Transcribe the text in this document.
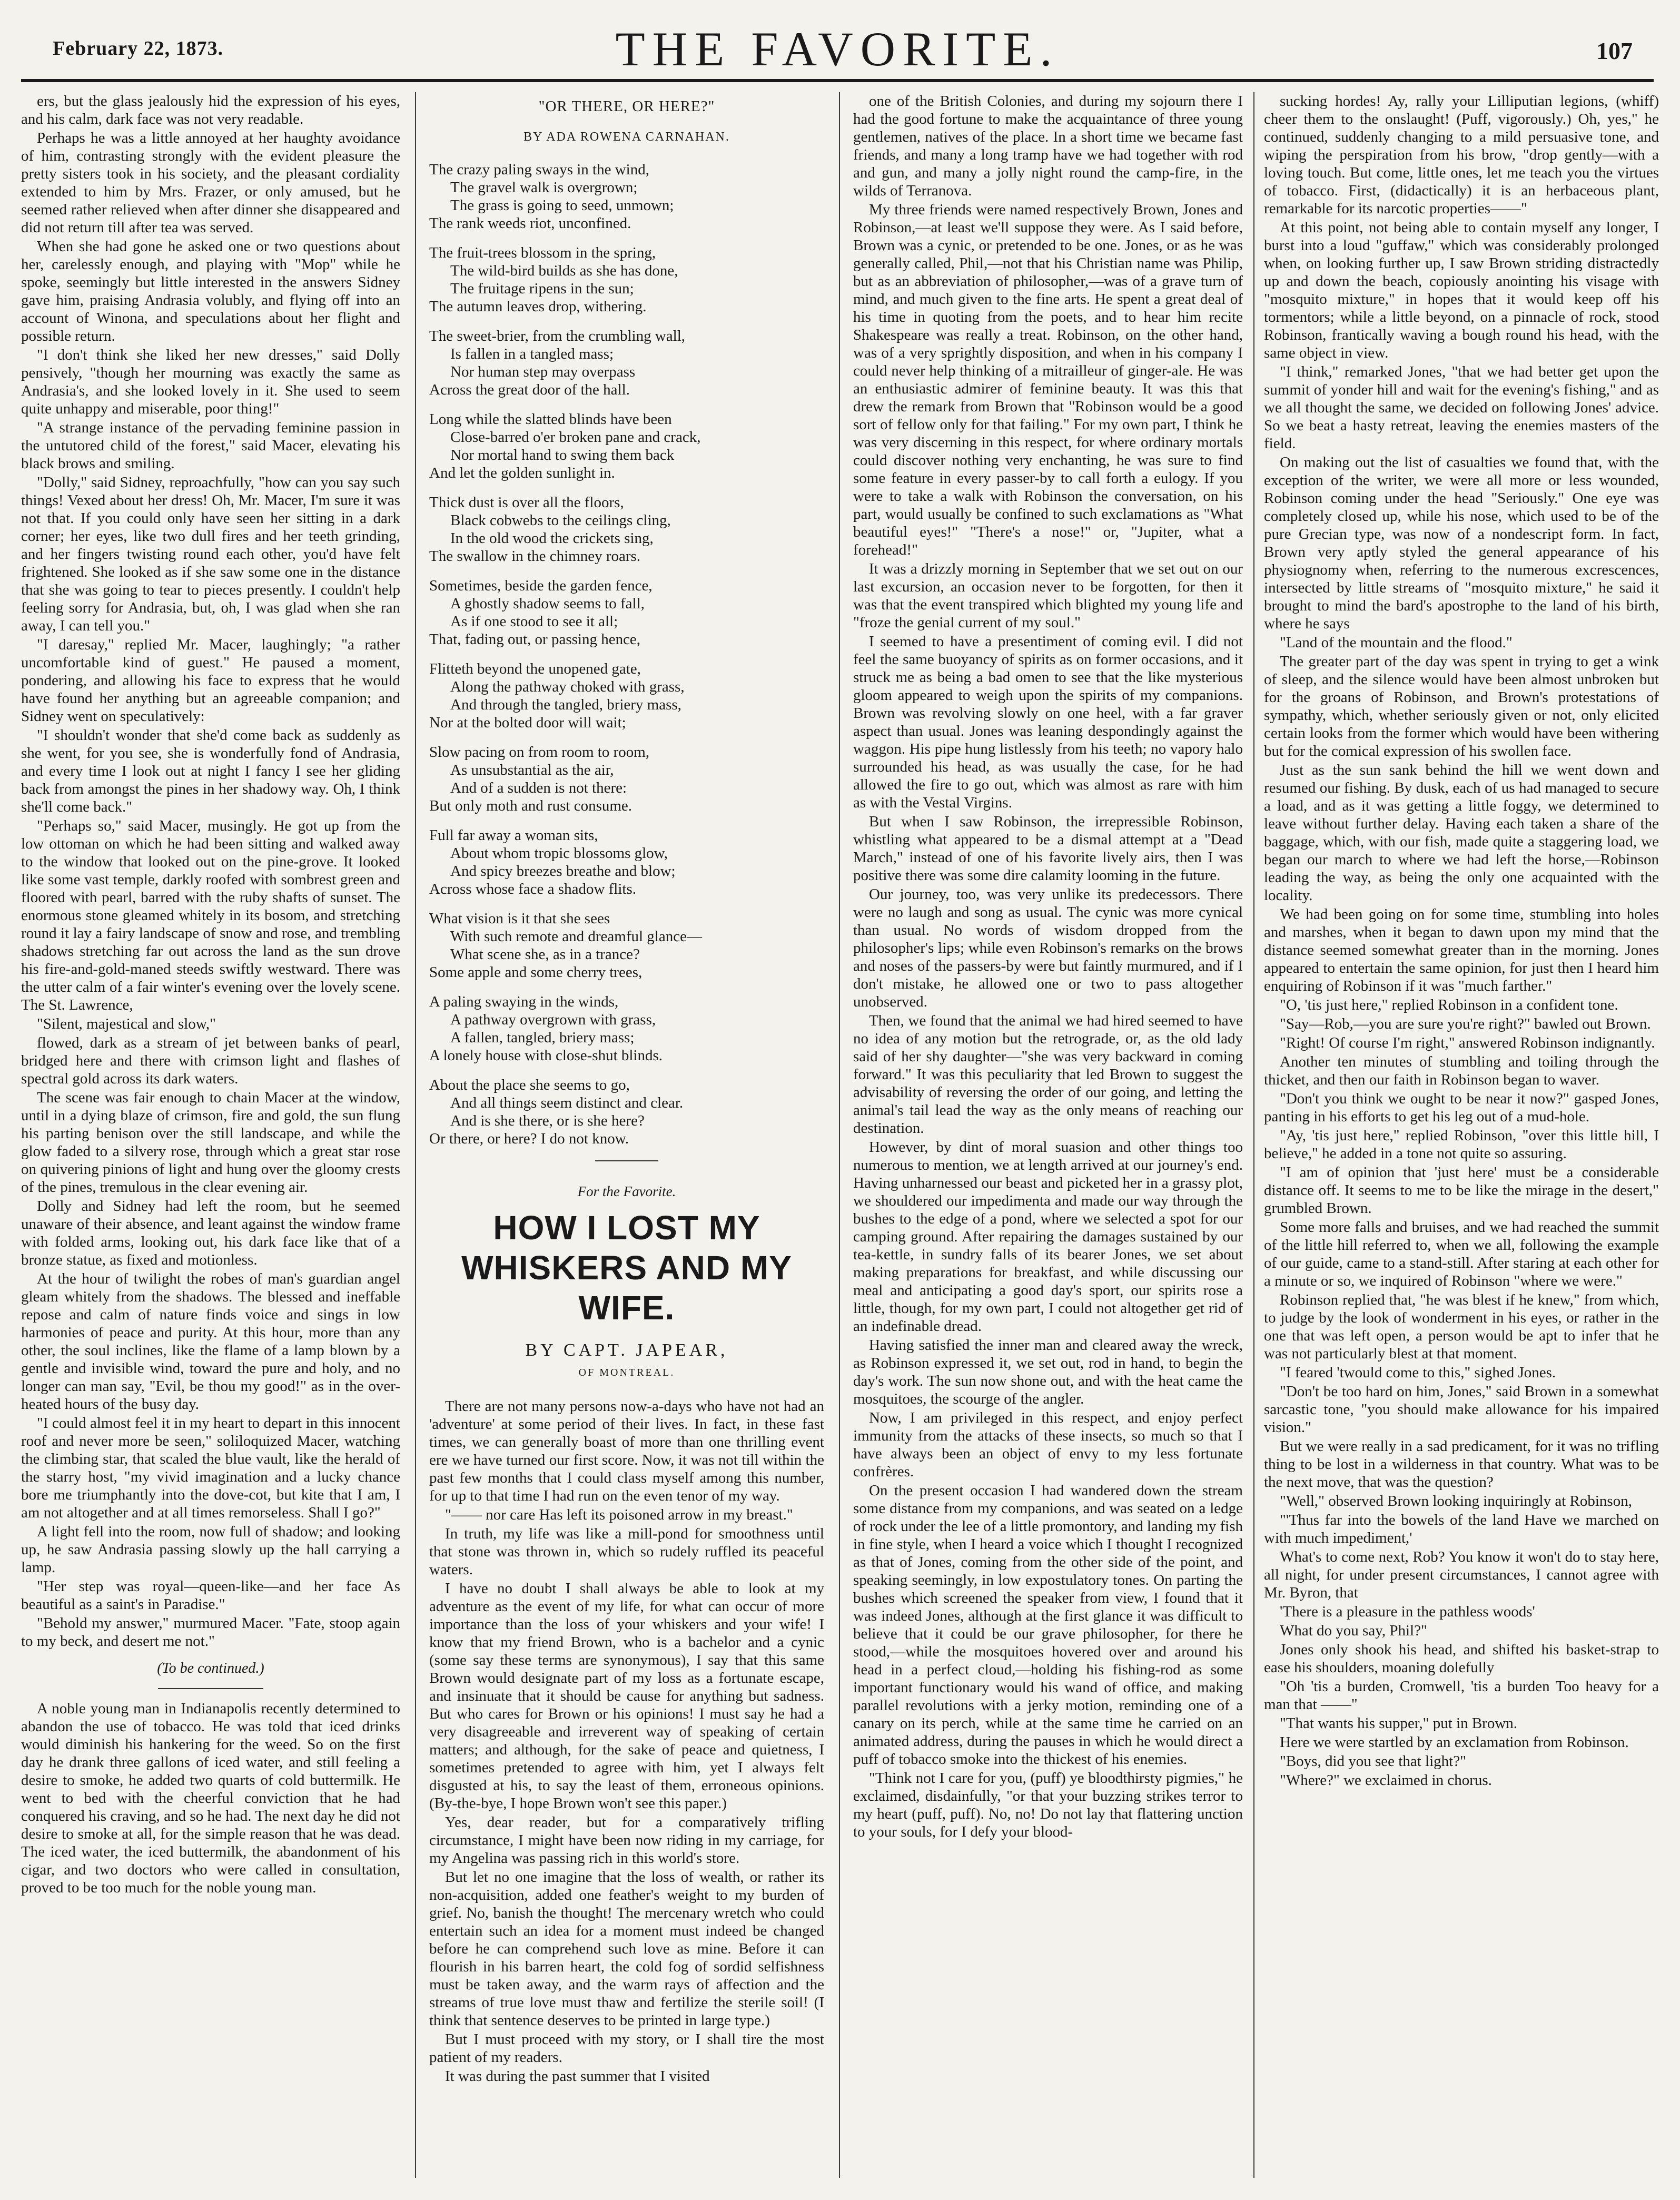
February 22, 1873.	THE FAVORITE.	107

ers, but the glass jealously hid the expression of his eyes, and his calm, dark face was not very readable.

Perhaps he was a little annoyed at her haughty avoidance of him, contrasting strongly with the evident pleasure the pretty sisters took in his society, and the pleasant cordiality extended to him by Mrs. Frazer, or only amused, but he seemed rather relieved when after dinner she disappeared and did not return till after tea was served.

When she had gone he asked one or two questions about her, carelessly enough, and playing with "Mop" while he spoke, seemingly but little interested in the answers Sidney gave him, praising Andrasia volubly, and flying off into an account of Winona, and speculations about her flight and possible return.

"I don't think she liked her new dresses," said Dolly pensively, "though her mourning was exactly the same as Andrasia's, and she looked lovely in it. She used to seem quite unhappy and miserable, poor thing!"

"A strange instance of the pervading feminine passion in the untutored child of the forest," said Macer, elevating his black brows and smiling.

"Dolly," said Sidney, reproachfully, "how can you say such things! Vexed about her dress! Oh, Mr. Macer, I'm sure it was not that. If you could only have seen her sitting in a dark corner; her eyes, like two dull fires and her teeth grinding, and her fingers twisting round each other, you'd have felt frightened. She looked as if she saw some one in the distance that she was going to tear to pieces presently. I couldn't help feeling sorry for Andrasia, but, oh, I was glad when she ran away, I can tell you."

"I daresay," replied Mr. Macer, laughingly; "a rather uncomfortable kind of guest." He paused a moment, pondering, and allowing his face to express that he would have found her anything but an agreeable companion; and Sidney went on speculatively:

"I shouldn't wonder that she'd come back as suddenly as she went, for you see, she is wonderfully fond of Andrasia, and every time I look out at night I fancy I see her gliding back from amongst the pines in her shadowy way. Oh, I think she'll come back."

"Perhaps so," said Macer, musingly. He got up from the low ottoman on which he had been sitting and walked away to the window that looked out on the pine-grove. It looked like some vast temple, darkly roofed with sombrest green and floored with pearl, barred with the ruby shafts of sunset. The enormous stone gleamed whitely in its bosom, and stretching round it lay a fairy landscape of snow and rose, and trembling shadows stretching far out across the land as the sun drove his fire-and-gold-maned steeds swiftly westward. There was the utter calm of a fair winter's evening over the lovely scene. The St. Lawrence,

"Silent, majestical and slow,"

flowed, dark as a stream of jet between banks of pearl, bridged here and there with crimson light and flashes of spectral gold across its dark waters.

The scene was fair enough to chain Macer at the window, until in a dying blaze of crimson, fire and gold, the sun flung his parting benison over the still landscape, and while the glow faded to a silvery rose, through which a great star rose on quivering pinions of light and hung over the gloomy crests of the pines, tremulous in the clear evening air.

Dolly and Sidney had left the room, but he seemed unaware of their absence, and leant against the window frame with folded arms, looking out, his dark face like that of a bronze statue, as fixed and motionless.

At the hour of twilight the robes of man's guardian angel gleam whitely from the shadows. The blessed and ineffable repose and calm of nature finds voice and sings in low harmonies of peace and purity. At this hour, more than any other, the soul inclines, like the flame of a lamp blown by a gentle and invisible wind, toward the pure and holy, and no longer can man say, "Evil, be thou my good!" as in the over-heated hours of the busy day.

"I could almost feel it in my heart to depart in this innocent roof and never more be seen," soliloquized Macer, watching the climbing star, that scaled the blue vault, like the herald of the starry host, "my vivid imagination and a lucky chance bore me triumphantly into the dove-cot, but kite that I am, I am not altogether and at all times remorseless. Shall I go?"

A light fell into the room, now full of shadow; and looking up, he saw Andrasia passing slowly up the hall carrying a lamp.

"Her step was royal—queen-like—and her face As beautiful as a saint's in Paradise."

"Behold my answer," murmured Macer. "Fate, stoop again to my beck, and desert me not."

(To be continued.)

A noble young man in Indianapolis recently determined to abandon the use of tobacco. He was told that iced drinks would diminish his hankering for the weed. So on the first day he drank three gallons of iced water, and still feeling a desire to smoke, he added two quarts of cold buttermilk. He went to bed with the cheerful conviction that he had conquered his craving, and so he had. The next day he did not desire to smoke at all, for the simple reason that he was dead. The iced water, the iced buttermilk, the abandonment of his cigar, and two doctors who were called in consultation, proved to be too much for the noble young man.

"OR THERE, OR HERE?"
BY ADA ROWENA CARNAHAN.
The crazy paling sways in the wind,
The gravel walk is overgrown;
The grass is going to seed, unmown;
The rank weeds riot, unconfined.
The fruit-trees blossom in the spring,
The wild-bird builds as she has done,
The fruitage ripens in the sun;
The autumn leaves drop, withering.
The sweet-brier, from the crumbling wall,
Is fallen in a tangled mass;
Nor human step may overpass
Across the great door of the hall.
Long while the slatted blinds have been
Close-barred o'er broken pane and crack,
Nor mortal hand to swing them back
And let the golden sunlight in.
Thick dust is over all the floors,
Black cobwebs to the ceilings cling,
In the old wood the crickets sing,
The swallow in the chimney roars.
Sometimes, beside the garden fence,
A ghostly shadow seems to fall,
As if one stood to see it all;
That, fading out, or passing hence,
Flitteth beyond the unopened gate,
Along the pathway choked with grass,
And through the tangled, briery mass,
Nor at the bolted door will wait;
Slow pacing on from room to room,
As unsubstantial as the air,
And of a sudden is not there:
But only moth and rust consume.
Full far away a woman sits,
About whom tropic blossoms glow,
And spicy breezes breathe and blow;
Across whose face a shadow flits.
What vision is it that she sees
With such remote and dreamful glance—
What scene she, as in a trance?
Some apple and some cherry trees,
A paling swaying in the winds,
A pathway overgrown with grass,
A fallen, tangled, briery mass;
A lonely house with close-shut blinds.
About the place she seems to go,
And all things seem distinct and clear.
And is she there, or is she here?
Or there, or here? I do not know.
For the Favorite.
HOW I LOST MY WHISKERS AND MY WIFE.
BY CAPT. JAPEAR,
OF MONTREAL.

There are not many persons now-a-days who have not had an 'adventure' at some period of their lives. In fact, in these fast times, we can generally boast of more than one thrilling event ere we have turned our first score. Now, it was not till within the past few months that I could class myself among this number, for up to that time I had run on the even tenor of my way.

"—— nor care Has left its poisoned arrow in my breast."

In truth, my life was like a mill-pond for smoothness until that stone was thrown in, which so rudely ruffled its peaceful waters.

I have no doubt I shall always be able to look at my adventure as the event of my life, for what can occur of more importance than the loss of your whiskers and your wife! I know that my friend Brown, who is a bachelor and a cynic (some say these terms are synonymous), I say that this same Brown would designate part of my loss as a fortunate escape, and insinuate that it should be cause for anything but sadness. But who cares for Brown or his opinions! I must say he had a very disagreeable and irreverent way of speaking of certain matters; and although, for the sake of peace and quietness, I sometimes pretended to agree with him, yet I always felt disgusted at his, to say the least of them, erroneous opinions. (By-the-bye, I hope Brown won't see this paper.)

Yes, dear reader, but for a comparatively trifling circumstance, I might have been now riding in my carriage, for my Angelina was passing rich in this world's store.

But let no one imagine that the loss of wealth, or rather its non-acquisition, added one feather's weight to my burden of grief. No, banish the thought! The mercenary wretch who could entertain such an idea for a moment must indeed be changed before he can comprehend such love as mine. Before it can flourish in his barren heart, the cold fog of sordid selfishness must be taken away, and the warm rays of affection and the streams of true love must thaw and fertilize the sterile soil! (I think that sentence deserves to be printed in large type.)

But I must proceed with my story, or I shall tire the most patient of my readers.

It was during the past summer that I visited

one of the British Colonies, and during my sojourn there I had the good fortune to make the acquaintance of three young gentlemen, natives of the place. In a short time we became fast friends, and many a long tramp have we had together with rod and gun, and many a jolly night round the camp-fire, in the wilds of Terranova.

My three friends were named respectively Brown, Jones and Robinson,—at least we'll suppose they were. As I said before, Brown was a cynic, or pretended to be one. Jones, or as he was generally called, Phil,—not that his Christian name was Philip, but as an abbreviation of philosopher,—was of a grave turn of mind, and much given to the fine arts. He spent a great deal of his time in quoting from the poets, and to hear him recite Shakespeare was really a treat. Robinson, on the other hand, was of a very sprightly disposition, and when in his company I could never help thinking of a mitrailleur of ginger-ale. He was an enthusiastic admirer of feminine beauty. It was this that drew the remark from Brown that "Robinson would be a good sort of fellow only for that failing." For my own part, I think he was very discerning in this respect, for where ordinary mortals could discover nothing very enchanting, he was sure to find some feature in every passer-by to call forth a eulogy. If you were to take a walk with Robinson the conversation, on his part, would usually be confined to such exclamations as "What beautiful eyes!" "There's a nose!" or, "Jupiter, what a forehead!"

It was a drizzly morning in September that we set out on our last excursion, an occasion never to be forgotten, for then it was that the event transpired which blighted my young life and "froze the genial current of my soul."

I seemed to have a presentiment of coming evil. I did not feel the same buoyancy of spirits as on former occasions, and it struck me as being a bad omen to see that the like mysterious gloom appeared to weigh upon the spirits of my companions. Brown was revolving slowly on one heel, with a far graver aspect than usual. Jones was leaning despondingly against the waggon. His pipe hung listlessly from his teeth; no vapory halo surrounded his head, as was usually the case, for he had allowed the fire to go out, which was almost as rare with him as with the Vestal Virgins.

But when I saw Robinson, the irrepressible Robinson, whistling what appeared to be a dismal attempt at a "Dead March," instead of one of his favorite lively airs, then I was positive there was some dire calamity looming in the future.

Our journey, too, was very unlike its predecessors. There were no laugh and song as usual. The cynic was more cynical than usual. No words of wisdom dropped from the philosopher's lips; while even Robinson's remarks on the brows and noses of the passers-by were but faintly murmured, and if I don't mistake, he allowed one or two to pass altogether unobserved.

Then, we found that the animal we had hired seemed to have no idea of any motion but the retrograde, or, as the old lady said of her shy daughter—"she was very backward in coming forward." It was this peculiarity that led Brown to suggest the advisability of reversing the order of our going, and letting the animal's tail lead the way as the only means of reaching our destination.

However, by dint of moral suasion and other things too numerous to mention, we at length arrived at our journey's end. Having unharnessed our beast and picketed her in a grassy plot, we shouldered our impedimenta and made our way through the bushes to the edge of a pond, where we selected a spot for our camping ground. After repairing the damages sustained by our tea-kettle, in sundry falls of its bearer Jones, we set about making preparations for breakfast, and while discussing our meal and anticipating a good day's sport, our spirits rose a little, though, for my own part, I could not altogether get rid of an indefinable dread.

Having satisfied the inner man and cleared away the wreck, as Robinson expressed it, we set out, rod in hand, to begin the day's work. The sun now shone out, and with the heat came the mosquitoes, the scourge of the angler.

Now, I am privileged in this respect, and enjoy perfect immunity from the attacks of these insects, so much so that I have always been an object of envy to my less fortunate confrères.

On the present occasion I had wandered down the stream some distance from my companions, and was seated on a ledge of rock under the lee of a little promontory, and landing my fish in fine style, when I heard a voice which I thought I recognized as that of Jones, coming from the other side of the point, and speaking seemingly, in low expostulatory tones. On parting the bushes which screened the speaker from view, I found that it was indeed Jones, although at the first glance it was difficult to believe that it could be our grave philosopher, for there he stood,—while the mosquitoes hovered over and around his head in a perfect cloud,—holding his fishing-rod as some important functionary would his wand of office, and making parallel revolutions with a jerky motion, reminding one of a canary on its perch, while at the same time he carried on an animated address, during the pauses in which he would direct a puff of tobacco smoke into the thickest of his enemies.

"Think not I care for you, (puff) ye bloodthirsty pigmies," he exclaimed, disdainfully, "or that your buzzing strikes terror to my heart (puff, puff). No, no! Do not lay that flattering unction to your souls, for I defy your blood-

sucking hordes! Ay, rally your Lilliputian legions, (whiff) cheer them to the onslaught! (Puff, vigorously.) Oh, yes," he continued, suddenly changing to a mild persuasive tone, and wiping the perspiration from his brow, "drop gently—with a loving touch. But come, little ones, let me teach you the virtues of tobacco. First, (didactically) it is an herbaceous plant, remarkable for its narcotic properties——"

At this point, not being able to contain myself any longer, I burst into a loud "guffaw," which was considerably prolonged when, on looking further up, I saw Brown striding distractedly up and down the beach, copiously anointing his visage with "mosquito mixture," in hopes that it would keep off his tormentors; while a little beyond, on a pinnacle of rock, stood Robinson, frantically waving a bough round his head, with the same object in view.

"I think," remarked Jones, "that we had better get upon the summit of yonder hill and wait for the evening's fishing," and as we all thought the same, we decided on following Jones' advice. So we beat a hasty retreat, leaving the enemies masters of the field.

On making out the list of casualties we found that, with the exception of the writer, we were all more or less wounded, Robinson coming under the head "Seriously." One eye was completely closed up, while his nose, which used to be of the pure Grecian type, was now of a nondescript form. In fact, Brown very aptly styled the general appearance of his physiognomy when, referring to the numerous excrescences, intersected by little streams of "mosquito mixture," he said it brought to mind the bard's apostrophe to the land of his birth, where he says

"Land of the mountain and the flood."

The greater part of the day was spent in trying to get a wink of sleep, and the silence would have been almost unbroken but for the groans of Robinson, and Brown's protestations of sympathy, which, whether seriously given or not, only elicited certain looks from the former which would have been withering but for the comical expression of his swollen face.

Just as the sun sank behind the hill we went down and resumed our fishing. By dusk, each of us had managed to secure a load, and as it was getting a little foggy, we determined to leave without further delay. Having each taken a share of the baggage, which, with our fish, made quite a staggering load, we began our march to where we had left the horse,—Robinson leading the way, as being the only one acquainted with the locality.

We had been going on for some time, stumbling into holes and marshes, when it began to dawn upon my mind that the distance seemed somewhat greater than in the morning. Jones appeared to entertain the same opinion, for just then I heard him enquiring of Robinson if it was "much farther."

"O, 'tis just here," replied Robinson in a confident tone.

"Say—Rob,—you are sure you're right?" bawled out Brown.

"Right! Of course I'm right," answered Robinson indignantly.

Another ten minutes of stumbling and toiling through the thicket, and then our faith in Robinson began to waver.

"Don't you think we ought to be near it now?" gasped Jones, panting in his efforts to get his leg out of a mud-hole.

"Ay, 'tis just here," replied Robinson, "over this little hill, I believe," he added in a tone not quite so assuring.

"I am of opinion that 'just here' must be a considerable distance off. It seems to me to be like the mirage in the desert," grumbled Brown.

Some more falls and bruises, and we had reached the summit of the little hill referred to, when we all, following the example of our guide, came to a stand-still. After staring at each other for a minute or so, we inquired of Robinson "where we were."

Robinson replied that, "he was blest if he knew," from which, to judge by the look of wonderment in his eyes, or rather in the one that was left open, a person would be apt to infer that he was not particularly blest at that moment.

"I feared 'twould come to this," sighed Jones.

"Don't be too hard on him, Jones," said Brown in a somewhat sarcastic tone, "you should make allowance for his impaired vision."

But we were really in a sad predicament, for it was no trifling thing to be lost in a wilderness in that country. What was to be the next move, that was the question?

"Well," observed Brown looking inquiringly at Robinson,

"'Thus far into the bowels of the land Have we marched on with much impediment,'

What's to come next, Rob? You know it won't do to stay here, all night, for under present circumstances, I cannot agree with Mr. Byron, that

'There is a pleasure in the pathless woods'

What do you say, Phil?"

Jones only shook his head, and shifted his basket-strap to ease his shoulders, moaning dolefully

"Oh 'tis a burden, Cromwell, 'tis a burden Too heavy for a man that ——"

"That wants his supper," put in Brown.

Here we were startled by an exclamation from Robinson.

"Boys, did you see that light?"

"Where?" we exclaimed in chorus.
